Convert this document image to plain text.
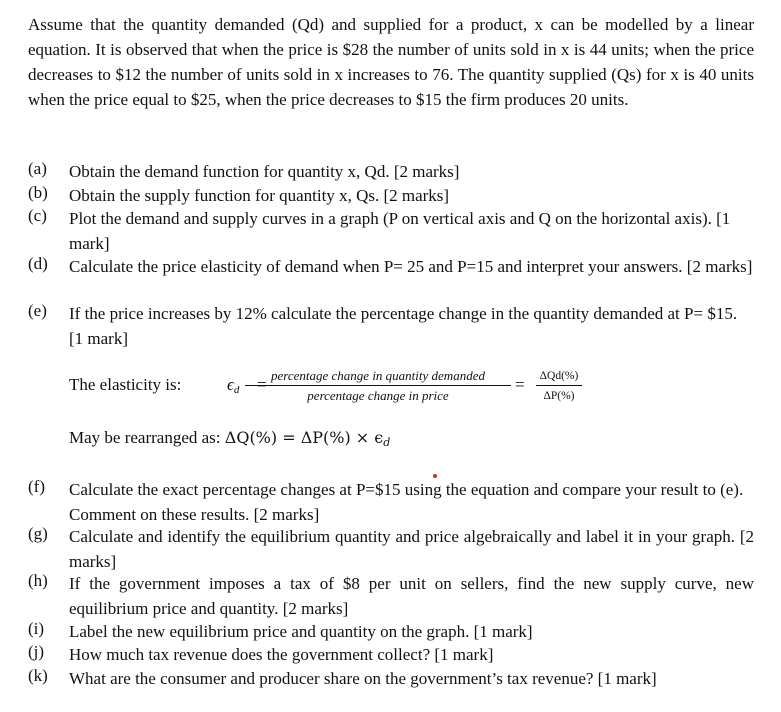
Assume that the quantity demanded (Qd) and supplied for a product, x can be modelled by a linear equation. It is observed that when the price is $28 the number of units sold in x is 44 units; when the price decreases to $12 the number of units sold in x increases to 76. The quantity supplied (Qs) for x is 40 units when the price equal to $25, when the price decreases to $15 the firm produces 20 units.
(a)	Obtain the demand function for quantity x, Qd. [2 marks]
(b)	Obtain the supply function for quantity x, Qs. [2 marks]
(c)	Plot the demand and supply curves in a graph (P on vertical axis and Q on the horizontal axis). [1 mark]
(d)	Calculate the price elasticity of demand when P= 25 and P=15 and interpret your answers. [2 marks]
(e)	If the price increases by 12% calculate the percentage change in the quantity demanded at P= $15. [1 mark]
The elasticity is:	$\epsilon_d$ = percentage change in quantity demanded
percentage change in price
=	ΔQd(%)
ΔP(%)
May be rearranged as: $\Delta Q(\%) = \Delta P(\%) \times \epsilon_d$
(f)	Calculate the exact percentage changes at P=$15 using the equation and compare your result to (e). Comment on these results. [2 marks]
(g)	Calculate and identify the equilibrium quantity and price algebraically and label it in your graph. [2 marks]
(h)	If the government imposes a tax of $8 per unit on sellers, find the new supply curve, new equilibrium price and quantity. [2 marks]
(i)	Label the new equilibrium price and quantity on the graph. [1 mark]
(j)	How much tax revenue does the government collect? [1 mark]
(k)	What are the consumer and producer share on the government’s tax revenue? [1 mark]
